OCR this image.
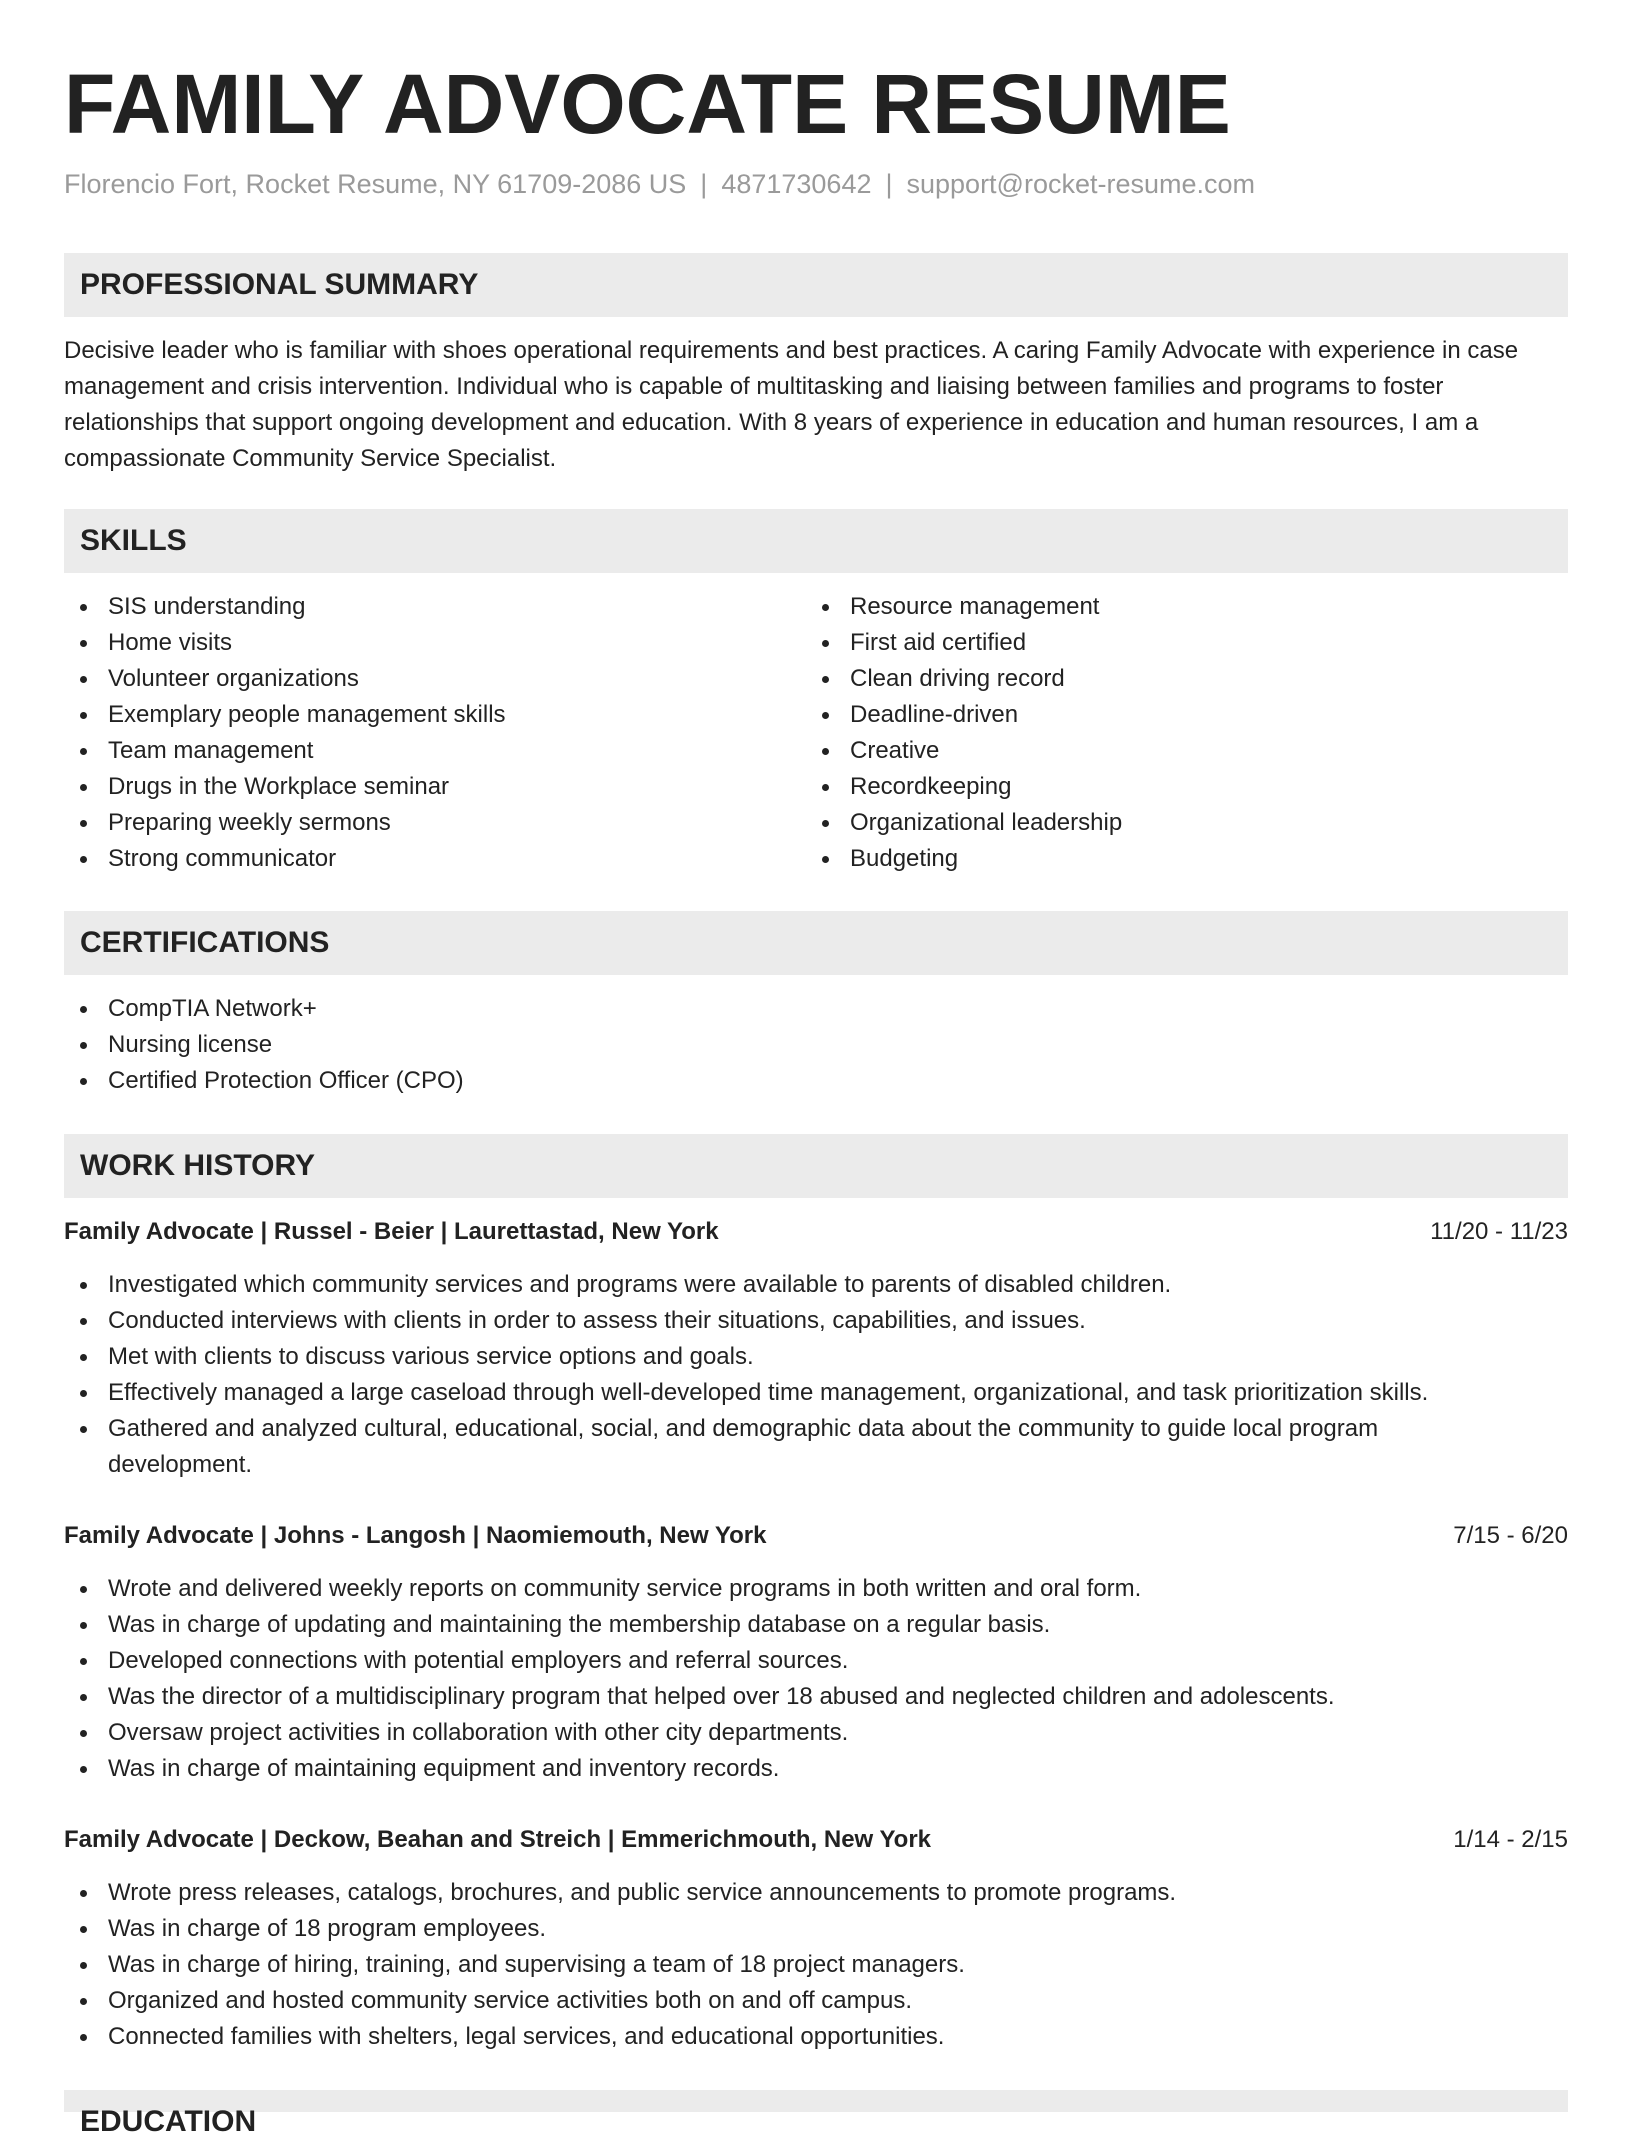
FAMILY ADVOCATE RESUME
Florencio Fort, Rocket Resume, NY 61709-2086 US | 4871730642 | support@rocket-resume.com
PROFESSIONAL SUMMARY

Decisive leader who is familiar with shoes operational requirements and best practices. A caring Family Advocate with experience in case management and crisis intervention. Individual who is capable of multitasking and liaising between families and programs to foster relationships that support ongoing development and education. With 8 years of experience in education and human resources, I am a compassionate Community Service Specialist.

SKILLS
SIS understanding
Home visits
Volunteer organizations
Exemplary people management skills
Team management
Drugs in the Workplace seminar
Preparing weekly sermons
Strong communicator
Resource management
First aid certified
Clean driving record
Deadline-driven
Creative
Recordkeeping
Organizational leadership
Budgeting
CERTIFICATIONS
CompTIA Network+
Nursing license
Certified Protection Officer (CPO)
WORK HISTORY
Family Advocate | Russel - Beier | Laurettastad, New York	11/20 - 11/23
Investigated which community services and programs were available to parents of disabled children.
Conducted interviews with clients in order to assess their situations, capabilities, and issues.
Met with clients to discuss various service options and goals.
Effectively managed a large caseload through well-developed time management, organizational, and task prioritization skills.
Gathered and analyzed cultural, educational, social, and demographic data about the community to guide local program development.
Family Advocate | Johns - Langosh | Naomiemouth, New York	7/15 - 6/20
Wrote and delivered weekly reports on community service programs in both written and oral form.
Was in charge of updating and maintaining the membership database on a regular basis.
Developed connections with potential employers and referral sources.
Was the director of a multidisciplinary program that helped over 18 abused and neglected children and adolescents.
Oversaw project activities in collaboration with other city departments.
Was in charge of maintaining equipment and inventory records.
Family Advocate | Deckow, Beahan and Streich | Emmerichmouth, New York	1/14 - 2/15
Wrote press releases, catalogs, brochures, and public service announcements to promote programs.
Was in charge of 18 program employees.
Was in charge of hiring, training, and supervising a team of 18 project managers.
Organized and hosted community service activities both on and off campus.
Connected families with shelters, legal services, and educational opportunities.
EDUCATION
